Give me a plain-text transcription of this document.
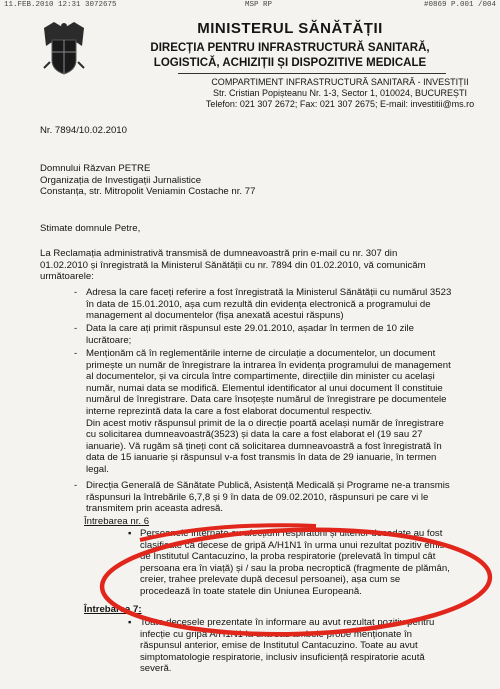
11.FEB.2010 12:31 3072675	MSP RP	#0869 P.001 /004
MINISTERUL SĂNĂTĂȚII
DIRECȚIA PENTRU INFRASTRUCTURĂ SANITARĂ,
LOGISTICĂ, ACHIZIȚII ȘI DISPOZITIVE MEDICALE
COMPARTIMENT INFRASTRUCTURĂ SANITARĂ - INVESTIȚII
Str. Cristian Popișteanu Nr. 1-3, Sector 1, 010024, BUCUREȘTI
Telefon: 021 307 2672; Fax: 021 307 2675; E-mail: investitii@ms.ro
Nr. 7894/10.02.2010
Domnului Răzvan PETRE
Organizația de Investigații Jurnalistice
Constanța, str. Mitropolit Veniamin Costache nr. 77
Stimate domnule Petre,
La Reclamația administrativă transmisă de dumneavoastră prin e-mail cu nr. 307 din
01.02.2010 și înregistrată la Ministerul Sănătății cu nr. 7894 din 01.02.2010, vă comunicăm
următoarele:
- Adresa la care faceți referire a fost înregistrată la Ministerul Sănătății cu numărul 3523
în data de 15.01.2010, așa cum rezultă din evidența electronică a programului de
management al documentelor (fișa anexată acestui răspuns)
- Data la care ați primit răspunsul este 29.01.2010, așadar în termen de 10 zile
lucrătoare;
- Menționăm că în reglementările interne de circulație a documentelor, un document
primește un număr de înregistrare la intrarea în evidența programului de management
al documentelor, și va circula între compartimente, direcțiile din minister cu același
număr, numai data se modifică. Elementul identificator al unui document îl constituie
numărul de înregistrare. Data care însoțește numărul de înregistrare pe documentele
interne reprezintă data la care a fost elaborat documentul respectiv.
Din acest motiv răspunsul primit de la o direcție poartă același număr de înregistrare
cu solicitarea dumneavoastră(3523) și data la care a fost elaborat el (19 sau 27
ianuarie). Vă rugăm să țineți cont că solicitarea dumneavoastră a fost înregistrată în
data de 15 ianuarie și răspunsul v-a fost transmis în data de 29 ianuarie, în termen
legal.
- Direcția Generală de Sănătate Publică, Asistență Medicală și Programe ne-a transmis
răspunsuri la întrebările 6,7,8 și 9 în data de 09.02.2010, răspunsuri pe care vi le
transmitem prin aceasta adresă.
Întrebarea nr. 6
▪ Persoanele internate cu afecțiuni respiratorii și ulterior decedate au fost
clasificate ca decese de gripă A/H1N1 în urma unui rezultat pozitiv emis
de Institutul Cantacuzino, la proba respiratorie (prelevată în timpul cât
persoana era în viață) și / sau la proba necroptică (fragmente de plămân,
creier, trahee prelevate după decesul persoanei), așa cum se
procedează în toate statele din Uniunea Europeană.
Întrebarea 7:
▪ Toate decesele prezentate în informare au avut rezultat pozitiv pentru
infecție cu gripă A/H1N1 la una sau ambele probe menționate în
răspunsul anterior, emise de Institutul Cantacuzino. Toate au avut
simptomatologie respiratorie, inclusiv insuficiență respiratorie acută
severă.
